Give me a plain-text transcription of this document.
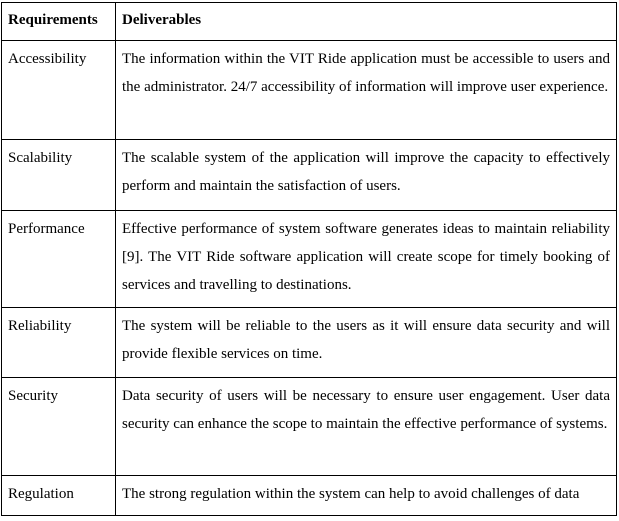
Requirements	Deliverables
Accessibility	The information within the VIT Ride application must be accessible to users and the administrator. 24/7 accessibility of information will improve user experience.
Scalability	The scalable system of the application will improve the capacity to effectively perform and maintain the satisfaction of users.
Performance	Effective performance of system software generates ideas to maintain reliability [9]. The VIT Ride software application will create scope for timely booking of services and travelling to destinations.
Reliability	The system will be reliable to the users as it will ensure data security and will provide flexible services on time.
Security	Data security of users will be necessary to ensure user engagement. User data security can enhance the scope to maintain the effective performance of systems.
Regulation	The strong regulation within the system can help to avoid challenges of data
